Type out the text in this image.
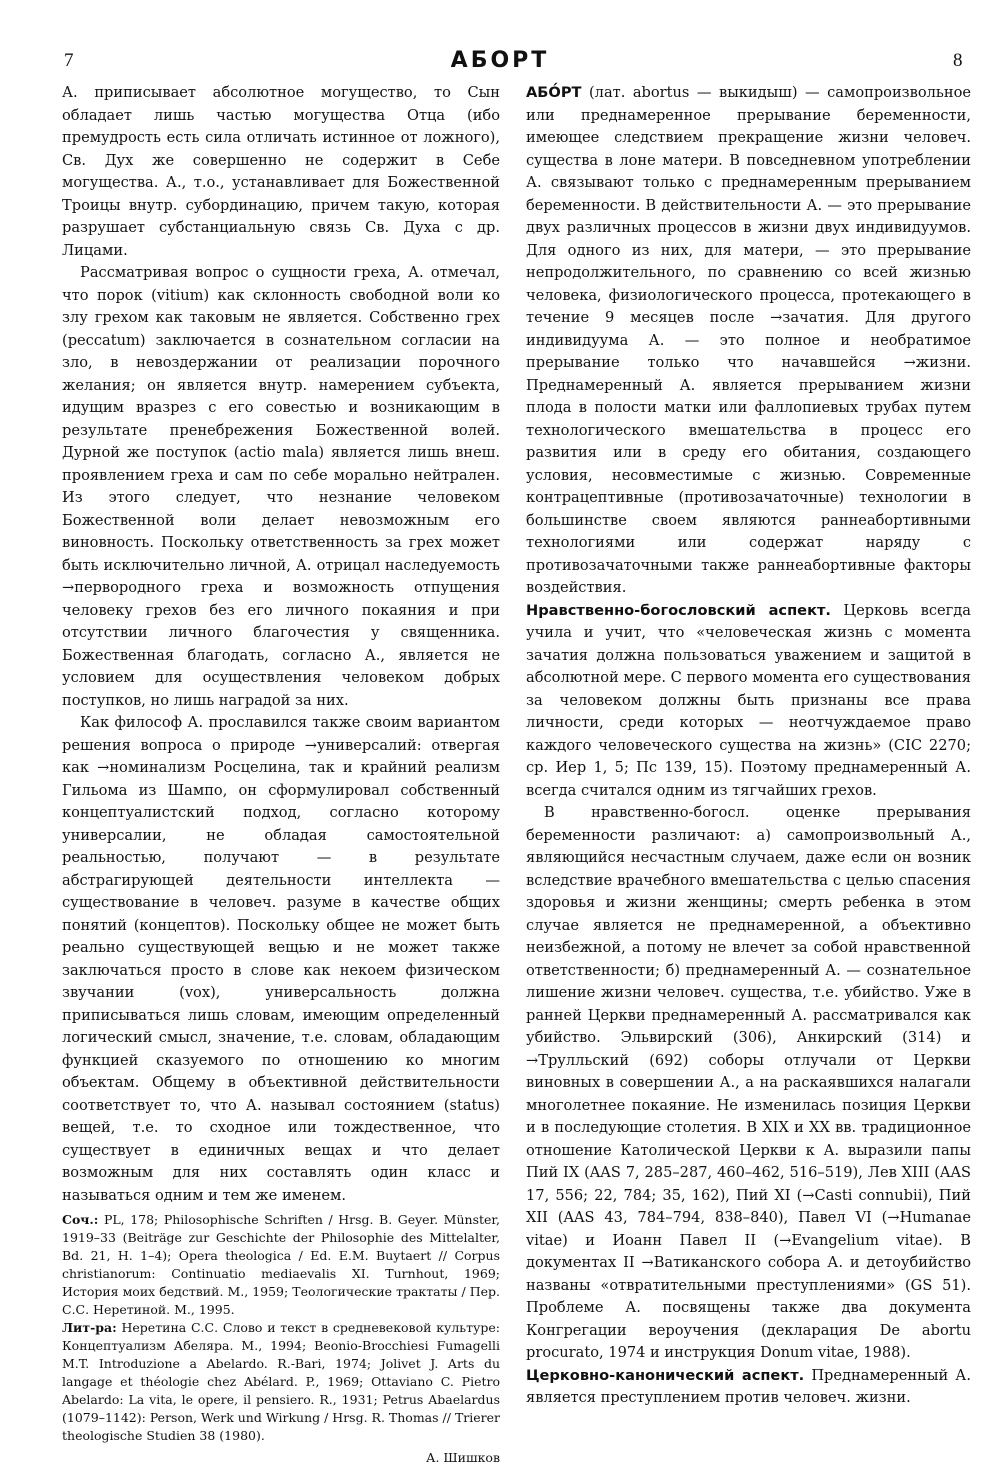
7	АБОРТ	8

А. приписывает абсолютное могущество, то Сын обладает лишь частью могущества Отца (ибо премудрость есть сила отличать истинное от ложного), Св. Дух же совершенно не содержит в Себе могущества. А., т.о., устанавливает для Божественной Троицы внутр. субординацию, причем такую, которая разрушает субстанциальную связь Св. Духа с др. Лицами.

Рассматривая вопрос о сущности греха, А. отмечал, что порок (vitium) как склонность свободной воли ко злу грехом как таковым не является. Собственно грех (peccatum) заключается в сознательном согласии на зло, в невоздержании от реализации порочного желания; он является внутр. намерением субъекта, идущим вразрез с его совестью и возникающим в результате пренебрежения Божественной волей. Дурной же поступок (actio mala) является лишь внеш. проявлением греха и сам по себе морально нейтрален. Из этого следует, что незнание человеком Божественной воли делает невозможным его виновность. Поскольку ответственность за грех может быть исключительно личной, А. отрицал наследуемость →первородного греха и возможность отпущения человеку грехов без его личного покаяния и при отсутствии личного благочестия у священника. Божественная благодать, согласно А., является не условием для осуществления человеком добрых поступков, но лишь наградой за них.

Как философ А. прославился также своим вариантом решения вопроса о природе →универсалий: отвергая как →номинализм Росцелина, так и крайний реализм Гильома из Шампо, он сформулировал собственный концептуалистский подход, согласно которому универсалии, не обладая самостоятельной реальностью, получают — в результате абстрагирующей деятельности интеллекта — существование в человеч. разуме в качестве общих понятий (концептов). Поскольку общее не может быть реально существующей вещью и не может также заключаться просто в слове как некоем физическом звучании (vox), универсальность должна приписываться лишь словам, имеющим определенный логический смысл, значение, т.е. словам, обладающим функцией сказуемого по отношению ко многим объектам. Общему в объективной действительности соответствует то, что А. называл состоянием (status) вещей, т.е. то сходное или тождественное, что существует в единичных вещах и что делает возможным для них составлять один класс и называться одним и тем же именем.

Соч.: PL, 178; Philosophische Schriften / Hrsg. B. Geyer. Münster, 1919–33 (Beiträge zur Geschichte der Philosophie des Mittelalter, Bd. 21, H. 1–4); Opera theologica / Ed. E.M. Buytaert // Corpus christianorum: Continuatio mediaevalis XI. Turnhout, 1969; История моих бедствий. М., 1959; Теологические трактаты / Пер. С.С. Неретиной. М., 1995.

Лит-ра: Неретина С.С. Слово и текст в средневековой культуре: Концептуализм Абеляра. М., 1994; Beonio-Brocchiesi Fumagelli M.T. Introduzione a Abelardo. R.-Bari, 1974; Jolivet J. Arts du langage et théologie chez Abélard. P., 1969; Ottaviano C. Pietro Abelardo: La vita, le opere, il pensiero. R., 1931; Petrus Abaelardus (1079–1142): Person, Werk und Wirkung / Hrsg. R. Thomas // Trierer theologische Studien 38 (1980).

А. Шишков

АБО́РТ (лат. abortus — выкидыш) — самопроизвольное или преднамеренное прерывание беременности, имеющее следствием прекращение жизни человеч. существа в лоне матери. В повседневном употреблении А. связывают только с преднамеренным прерыванием беременности. В действительности А. — это прерывание двух различных процессов в жизни двух индивидуумов. Для одного из них, для матери, — это прерывание непродолжительного, по сравнению со всей жизнью человека, физиологического процесса, протекающего в течение 9 месяцев после →зачатия. Для другого индивидуума А. — это полное и необратимое прерывание только что начавшейся →жизни. Преднамеренный А. является прерыванием жизни плода в полости матки или фаллопиевых трубах путем технологического вмешательства в процесс его развития или в среду его обитания, создающего условия, несовместимые с жизнью. Современные контрацептивные (противозачаточные) технологии в большинстве своем являются раннеабортивными технологиями или содержат наряду с противозачаточными также раннеабортивные факторы воздействия.

Нравственно-богословский аспект. Церковь всегда учила и учит, что «человеческая жизнь с момента зачатия должна пользоваться уважением и защитой в абсолютной мере. С первого момента его существования за человеком должны быть признаны все права личности, среди которых — неотчуждаемое право каждого человеческого существа на жизнь» (CIC 2270; ср. Иер 1, 5; Пс 139, 15). Поэтому преднамеренный А. всегда считался одним из тягчайших грехов.

В нравственно-богосл. оценке прерывания беременности различают: а) самопроизвольный А., являющийся несчастным случаем, даже если он возник вследствие врачебного вмешательства с целью спасения здоровья и жизни женщины; смерть ребенка в этом случае является не преднамеренной, а объективно неизбежной, а потому не влечет за собой нравственной ответственности; б) преднамеренный А. — сознательное лишение жизни человеч. существа, т.е. убийство. Уже в ранней Церкви преднамеренный А. рассматривался как убийство. Эльвирский (306), Анкирский (314) и →Трулльский (692) соборы отлучали от Церкви виновных в совершении А., а на раскаявшихся налагали многолетнее покаяние. Не изменилась позиция Церкви и в последующие столетия. В XIX и XX вв. традиционное отношение Католической Церкви к А. выразили папы Пий IX (AAS 7, 285–287, 460–462, 516–519), Лев XIII (AAS 17, 556; 22, 784; 35, 162), Пий XI (→Casti connubii), Пий XII (AAS 43, 784–794, 838–840), Павел VI (→Humanae vitae) и Иоанн Павел II (→Evangelium vitae). В документах II →Ватиканского собора А. и детоубийство названы «отвратительными преступлениями» (GS 51). Проблеме А. посвящены также два документа Конгрегации вероучения (декларация De abortu procurato, 1974 и инструкция Donum vitae, 1988).

Церковно-канонический аспект. Преднамеренный А. является преступлением против человеч. жизни.
